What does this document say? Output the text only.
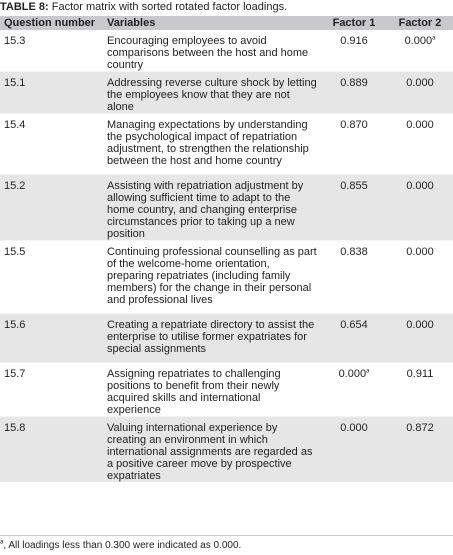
TABLE 8: Factor matrix with sorted rotated factor loadings.
Question number	Variables	Factor 1	Factor 2
15.3	Encouraging employees to avoid comparisons between the host and home country	0.916	0.000$^a$
15.1	Addressing reverse culture shock by letting the employees know that they are not alone	0.889	0.000
15.4	Managing expectations by understanding the psychological impact of repatriation adjustment, to strengthen the relationship between the host and home country	0.870	0.000
15.2	Assisting with repatriation adjustment by allowing sufficient time to adapt to the home country, and changing enterprise circumstances prior to taking up a new position	0.855	0.000
15.5	Continuing professional counselling as part of the welcome-home orientation, preparing repatriates (including family members) for the change in their personal and professional lives	0.838	0.000
15.6	Creating a repatriate directory to assist the enterprise to utilise former expatriates for special assignments	0.654	0.000
15.7	Assigning repatriates to challenging positions to benefit from their newly acquired skills and international experience	0.000$^a$	0.911
15.8	Valuing international experience by creating an environment in which international assignments are regarded as a positive career move by prospective expatriates	0.000	0.872
$^a$, All loadings less than 0.300 were indicated as 0.000.
